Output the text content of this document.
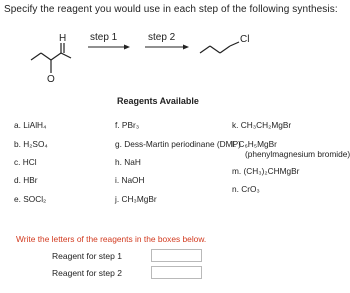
Specify the reagent you would use in each step of the following synthesis:
H
O
step 1	step 2	Cl
Reagents Available
a. LiAlH₄
b. H₂SO₄
c. HCl
d. HBr
e. SOCl₂
f. PBr₃
g. Dess-Martin periodinane (DMP)
h. NaH
i. NaOH
j. CH₃MgBr
k. CH₃CH₂MgBr
l. C₆H₅MgBr
(phenylmagnesium bromide)
m. (CH₃)₂CHMgBr
n. CrO₃
Write the letters of the reagents in the boxes below.
Reagent for step 1
Reagent for step 2
